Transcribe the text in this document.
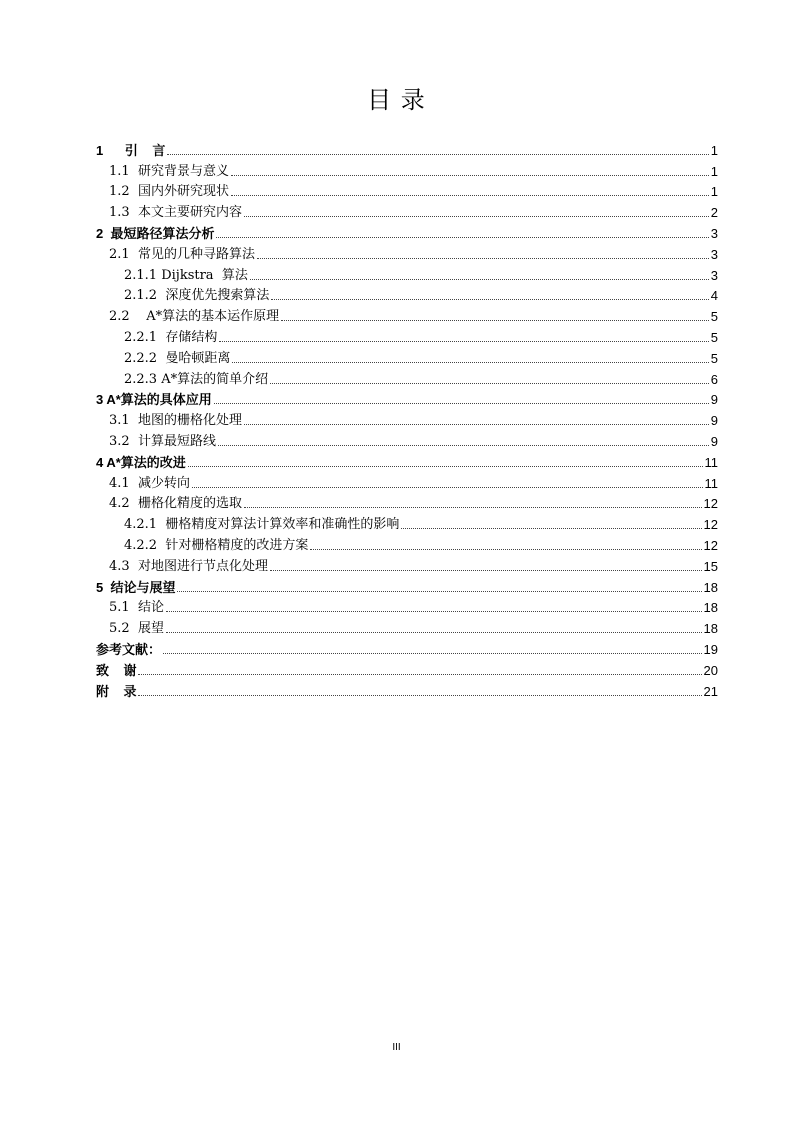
目 录
1      引    言	1
1.1  研究背景与意义	1
1.2  国内外研究现状	1
1.3  本文主要研究内容	2
2  最短路径算法分析	3
2.1  常见的几种寻路算法	3
2.1.1 Dijkstra  算法	3
2.1.2  深度优先搜索算法	4
2.2    A*算法的基本运作原理	5
2.2.1  存储结构	5
2.2.2  曼哈顿距离	5
2.2.3 A*算法的简单介绍	6
3 A*算法的具体应用	9
3.1  地图的栅格化处理	9
3.2  计算最短路线	9
4 A*算法的改进	11
4.1  减少转向	11
4.2  栅格化精度的选取	12
4.2.1  栅格精度对算法计算效率和准确性的影响	12
4.2.2  针对栅格精度的改进方案	12
4.3  对地图进行节点化处理	15
5  结论与展望	18
5.1  结论	18
5.2  展望	18
参考文献：	19
致    谢	20
附    录	21
III
